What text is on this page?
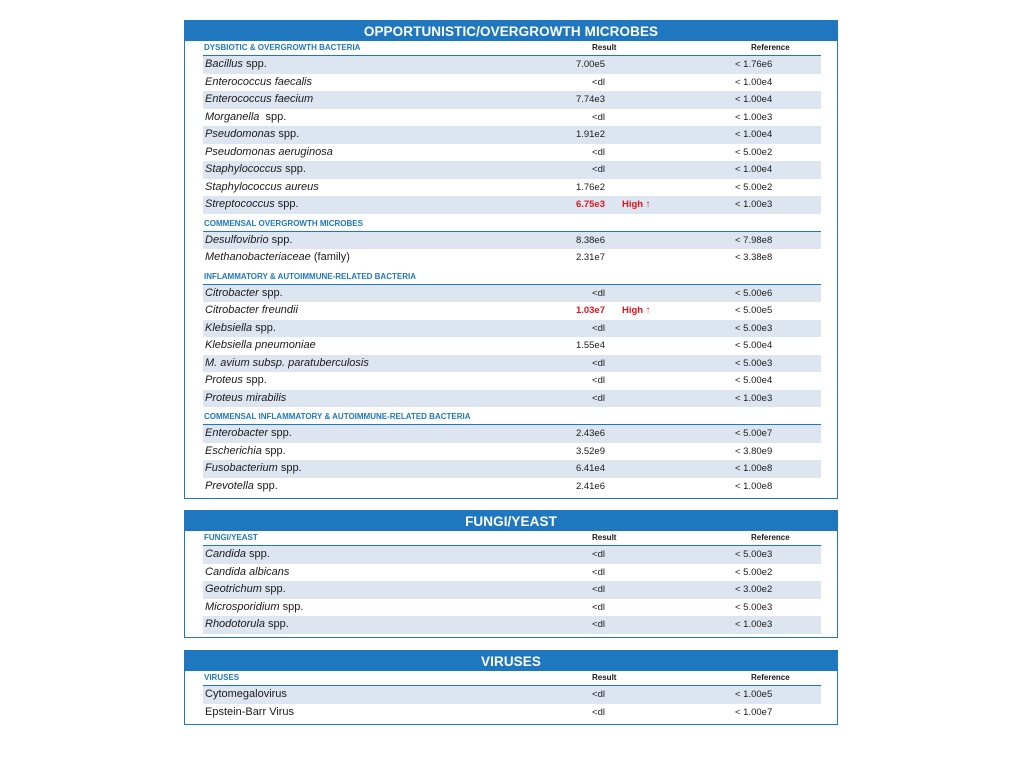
OPPORTUNISTIC/OVERGROWTH MICROBES
DYSBIOTIC & OVERGROWTH BACTERIA	Result	Reference
Bacillus spp.	7.00e5	< 1.76e6
Enterococcus faecalis	<dl	< 1.00e4
Enterococcus faecium	7.74e3	< 1.00e4
Morganella  spp.	<dl	< 1.00e3
Pseudomonas spp.	1.91e2	< 1.00e4
Pseudomonas aeruginosa	<dl	< 5.00e2
Staphylococcus spp.	<dl	< 1.00e4
Staphylococcus aureus	1.76e2	< 5.00e2
Streptococcus spp.	6.75e3 High ↑	< 1.00e3
COMMENSAL OVERGROWTH MICROBES
Desulfovibrio spp.	8.38e6	< 7.98e8
Methanobacteriaceae (family)	2.31e7	< 3.38e8
INFLAMMATORY & AUTOIMMUNE-RELATED BACTERIA
Citrobacter spp.	<dl	< 5.00e6
Citrobacter freundii	1.03e7 High ↑	< 5.00e5
Klebsiella spp.	<dl	< 5.00e3
Klebsiella pneumoniae	1.55e4	< 5.00e4
M. avium subsp. paratuberculosis	<dl	< 5.00e3
Proteus spp.	<dl	< 5.00e4
Proteus mirabilis	<dl	< 1.00e3
COMMENSAL INFLAMMATORY & AUTOIMMUNE-RELATED BACTERIA
Enterobacter spp.	2.43e6	< 5.00e7
Escherichia spp.	3.52e9	< 3.80e9
Fusobacterium spp.	6.41e4	< 1.00e8
Prevotella spp.	2.41e6	< 1.00e8
FUNGI/YEAST
FUNGI/YEAST	Result	Reference
Candida spp.	<dl	< 5.00e3
Candida albicans	<dl	< 5.00e2
Geotrichum spp.	<dl	< 3.00e2
Microsporidium spp.	<dl	< 5.00e3
Rhodotorula spp.	<dl	< 1.00e3
VIRUSES
VIRUSES	Result	Reference
Cytomegalovirus	<dl	< 1.00e5
Epstein-Barr Virus	<dl	< 1.00e7
